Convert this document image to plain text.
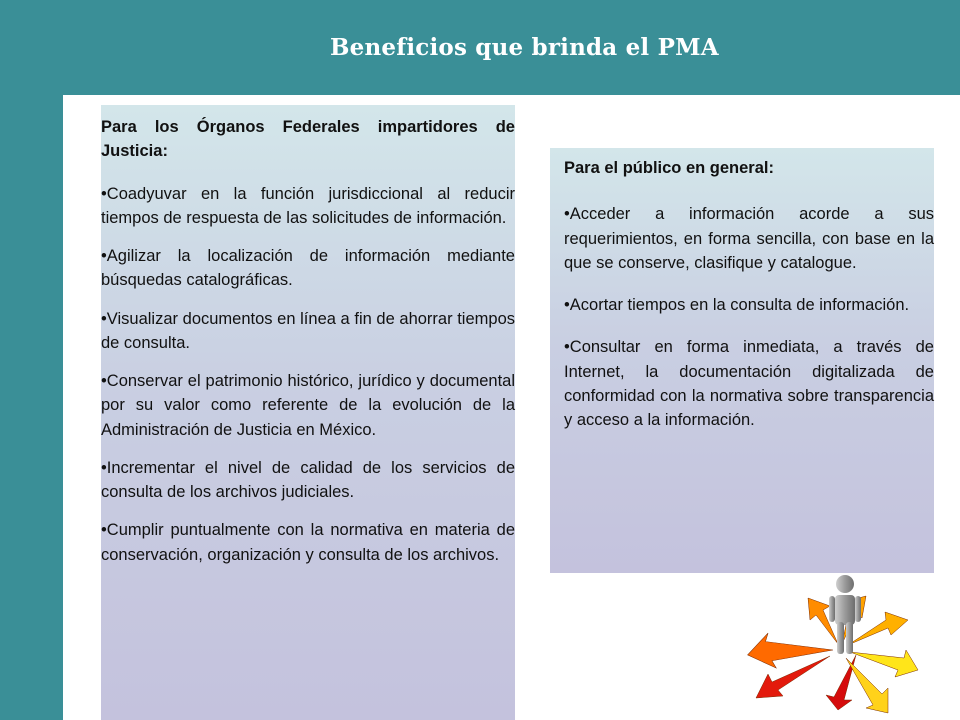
Beneficios que brinda el PMA

Para los Órganos Federales impartidores de Justicia:

•Coadyuvar en la función jurisdiccional al reducir tiempos de respuesta de las solicitudes de información.

•Agilizar la localización de información mediante búsquedas catalográficas.

•Visualizar documentos en línea a fin de ahorrar tiempos de consulta.

•Conservar el patrimonio histórico, jurídico y documental por su valor como referente de la evolución de la Administración de Justicia en México.

•Incrementar el nivel de calidad de los servicios de consulta de los archivos judiciales.

•Cumplir puntualmente con la normativa en materia de conservación, organización y consulta de los archivos.

Para el público en general:

•Acceder a información acorde a sus requerimientos, en forma sencilla, con base en la que se conserve, clasifique y catalogue.

•Acortar tiempos en la consulta de información.

•Consultar en forma inmediata, a través de Internet, la documentación digitalizada de conformidad con la normativa sobre transparencia y acceso a la información.
